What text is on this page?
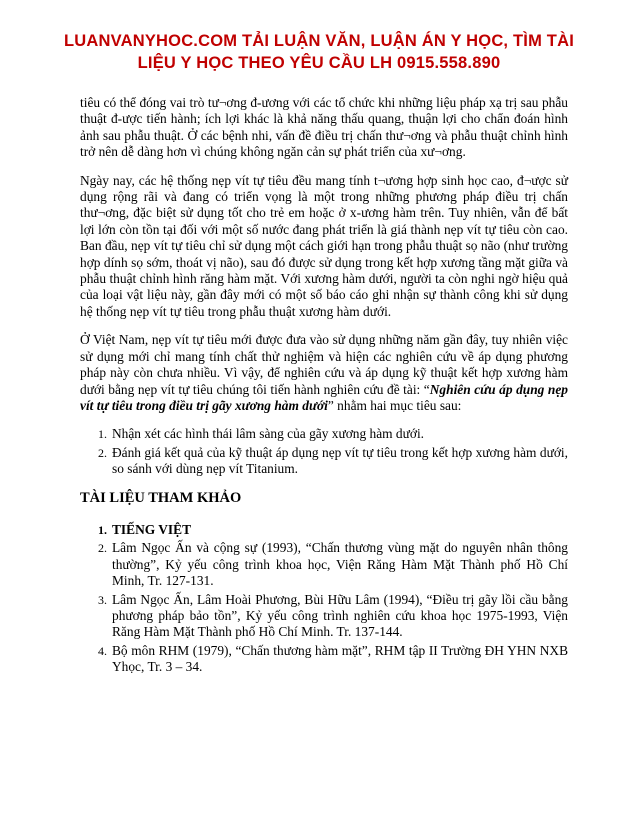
LUANVANYHOC.COM TẢI LUẬN VĂN, LUẬN ÁN Y HỌC, TÌM TÀI
LIỆU Y HỌC THEO YÊU CẦU LH 0915.558.890

tiêu có thể đóng vai trò tư¬ơng đ-ương với các tổ chức khi những liệu pháp xạ trị sau phẫu thuật đ-ược tiến hành; ích lợi khác là khả năng thấu quang, thuận lợi cho chẩn đoán hình ảnh sau phẫu thuật. Ở các bệnh nhi, vấn đề điều trị chấn thư¬ơng và phẫu thuật chỉnh hình trở nên dễ dàng hơn vì chúng không ngăn cản sự phát triển của xư¬ơng.

Ngày nay, các hệ thống nẹp vít tự tiêu đều mang tính t¬ương hợp sinh học cao, đ¬ược sử dụng rộng rãi và đang có triển vọng là một trong những phương pháp điều trị chấn thư¬ơng, đặc biệt sử dụng tốt cho trẻ em hoặc ở x-ương hàm trên. Tuy nhiên, vẫn để bất lợi lớn còn tồn tại đối với một số nước đang phát triển là giá thành nẹp vít tự tiêu còn cao. Ban đầu, nẹp vít tự tiêu chỉ sử dụng một cách giới hạn trong phẫu thuật sọ não (như trường hợp dính sọ sớm, thoát vị não), sau đó được sử dụng trong kết hợp xương tầng mặt giữa và phẫu thuật chỉnh hình răng hàm mặt. Với xương hàm dưới, người ta còn nghi ngờ hiệu quả của loại vật liệu này, gần đây mới có một số báo cáo ghi nhận sự thành công khi sử dụng hệ thống nẹp vít tự tiêu trong phẫu thuật xương hàm dưới.

Ở Việt Nam, nẹp vít tự tiêu mới được đưa vào sử dụng những năm gần đây, tuy nhiên việc sử dụng mới chỉ mang tính chất thử nghiệm và hiện các nghiên cứu về áp dụng phương pháp này còn chưa nhiều. Vì vậy, để nghiên cứu và áp dụng kỹ thuật kết hợp xương hàm dưới bằng nẹp vít tự tiêu chúng tôi tiến hành nghiên cứu đề tài: “Nghiên cứu áp dụng nẹp vít tự tiêu trong điều trị gãy xương hàm dưới” nhằm hai mục tiêu sau:

1. Nhận xét các hình thái lâm sàng của gãy xương hàm dưới.
2. Đánh giá kết quả của kỹ thuật áp dụng nẹp vít tự tiêu trong kết hợp xương hàm dưới, so sánh với dùng nẹp vít Titanium.
TÀI LIỆU THAM KHẢO
1. TIẾNG VIỆT
2. Lâm Ngọc Ấn và cộng sự (1993), “Chấn thương vùng mặt do nguyên nhân thông thường”, Kỷ yếu công trình khoa học, Viện Răng Hàm Mặt Thành phố Hồ Chí Minh, Tr. 127-131.
3. Lâm Ngọc Ấn, Lâm Hoài Phương, Bùi Hữu Lâm (1994), “Điều trị gãy lồi cầu bằng phương pháp bảo tồn”, Kỷ yếu công trình nghiên cứu khoa học 1975-1993, Viện Răng Hàm Mặt Thành phố Hồ Chí Minh. Tr. 137-144.
4. Bộ môn RHM (1979), “Chấn thương hàm mặt”, RHM tập II Trường ĐH YHN NXB Yhọc, Tr. 3 – 34.
